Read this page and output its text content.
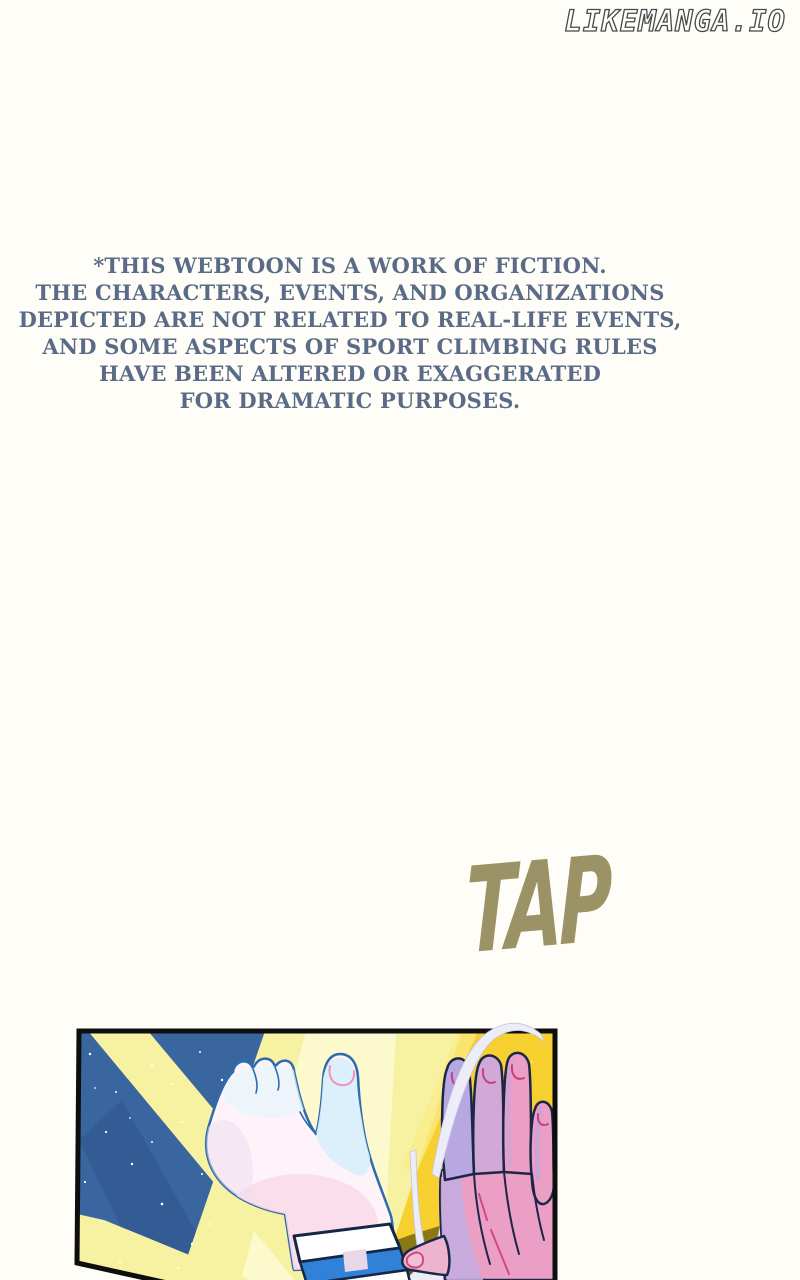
LIKEMANGA.IO
*THIS WEBTOON IS A WORK OF FICTION.
THE CHARACTERS, EVENTS, AND ORGANIZATIONS
DEPICTED ARE NOT RELATED TO REAL-LIFE EVENTS,
AND SOME ASPECTS OF SPORT CLIMBING RULES
HAVE BEEN ALTERED OR EXAGGERATED
FOR DRAMATIC PURPOSES.
TAP
